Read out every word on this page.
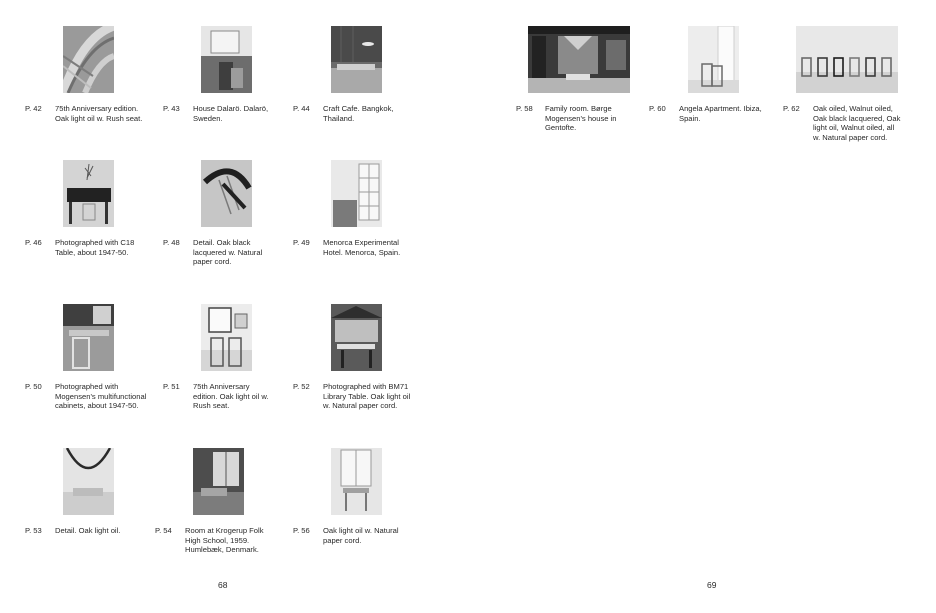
P. 42 75th Anniversary edition.
Oak light oil w. Rush seat.
P. 43 House Dalarö. Dalarö,
Sweden.
P. 44 Craft Cafe. Bangkok,
Thailand.
P. 46 Photographed with C18
Table, about 1947-50.
P. 48 Detail. Oak black
lacquered w. Natural
paper cord.
P. 49 Menorca Experimental
Hotel. Menorca, Spain.
P. 50 Photographed with
Mogensen's multifunctional
cabinets, about 1947-50.
P. 51 75th Anniversary
edition. Oak light oil w.
Rush seat.
P. 52 Photographed with BM71
Library Table. Oak light oil
w. Natural paper cord.
P. 53 Detail. Oak light oil.	P. 54 Room at Krogerup Folk
High School, 1959.
Humlebæk, Denmark.
P. 56 Oak light oil w. Natural
paper cord.
68
P. 58 Family room. Børge
Mogensen's house in
Gentofte.
P. 60 Angela Apartment. Ibiza,
Spain.
P. 62 Oak oiled, Walnut oiled,
Oak black lacquered, Oak
light oil, Walnut oiled, all
w. Natural paper cord.
69
